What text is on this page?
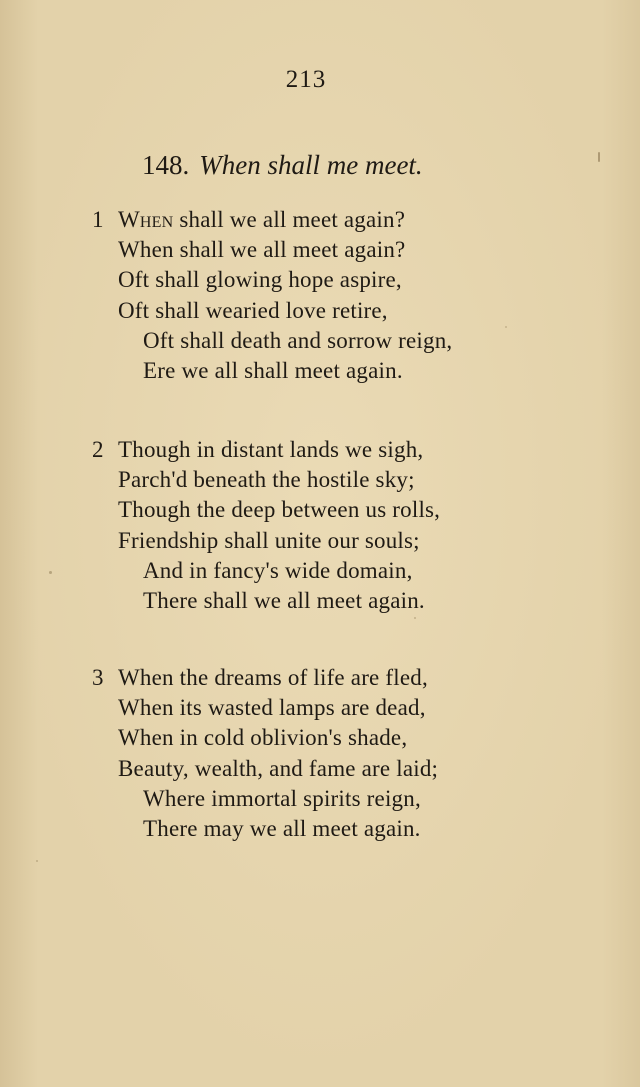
213
148. When shall me meet.
1 When shall we all meet again?
When shall we all meet again?
Oft shall glowing hope aspire,
Oft shall wearied love retire,
Oft shall death and sorrow reign,
Ere we all shall meet again.
2 Though in distant lands we sigh,
Parch'd beneath the hostile sky;
Though the deep between us rolls,
Friendship shall unite our souls;
And in fancy's wide domain,
There shall we all meet again.
3 When the dreams of life are fled,
When its wasted lamps are dead,
When in cold oblivion's shade,
Beauty, wealth, and fame are laid;
Where immortal spirits reign,
There may we all meet again.
